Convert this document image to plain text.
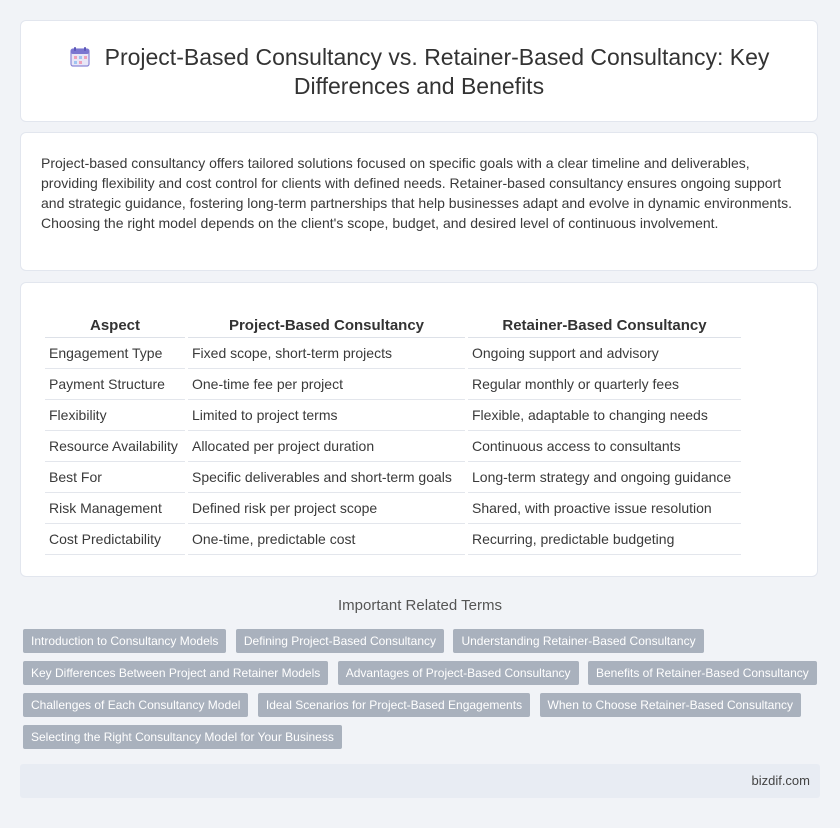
Project-Based Consultancy vs. Retainer-Based Consultancy: Key Differences and Benefits

Project-based consultancy offers tailored solutions focused on specific goals with a clear timeline and deliverables, providing flexibility and cost control for clients with defined needs. Retainer-based consultancy ensures ongoing support and strategic guidance, fostering long-term partnerships that help businesses adapt and evolve in dynamic environments. Choosing the right model depends on the client's scope, budget, and desired level of continuous involvement.

Aspect	Project-Based Consultancy	Retainer-Based Consultancy
Engagement Type	Fixed scope, short-term projects	Ongoing support and advisory
Payment Structure	One-time fee per project	Regular monthly or quarterly fees
Flexibility	Limited to project terms	Flexible, adaptable to changing needs
Resource Availability	Allocated per project duration	Continuous access to consultants
Best For	Specific deliverables and short-term goals	Long-term strategy and ongoing guidance
Risk Management	Defined risk per project scope	Shared, with proactive issue resolution
Cost Predictability	One-time, predictable cost	Recurring, predictable budgeting
Important Related Terms
Introduction to Consultancy Models Defining Project-Based Consultancy Understanding Retainer-Based Consultancy Key Differences Between Project and Retainer Models Advantages of Project-Based Consultancy Benefits of Retainer-Based Consultancy Challenges of Each Consultancy Model Ideal Scenarios for Project-Based Engagements When to Choose Retainer-Based Consultancy Selecting the Right Consultancy Model for Your Business
bizdif.com
